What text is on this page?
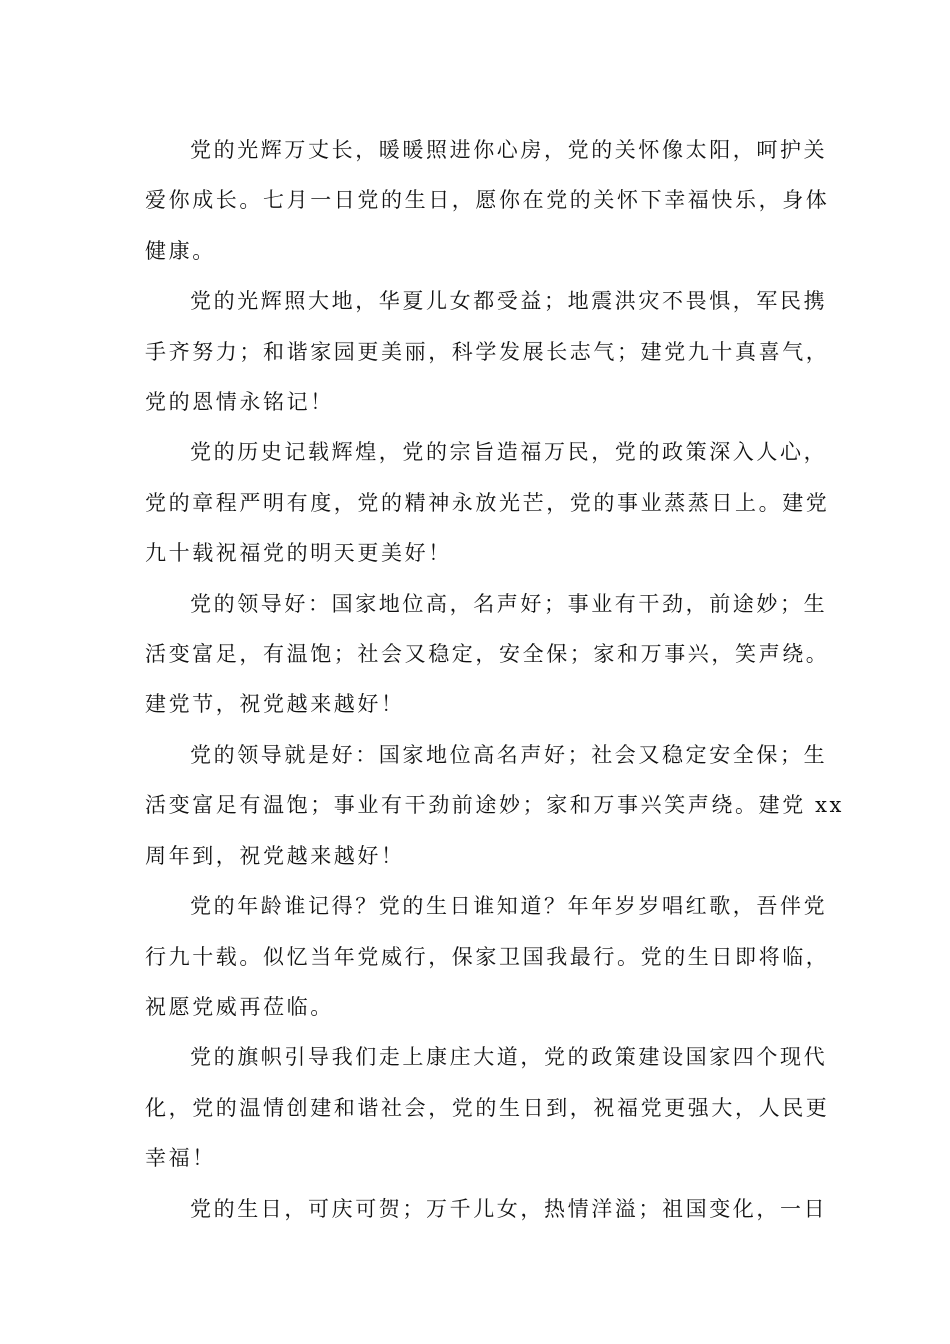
党的光辉万丈长，暖暖照进你心房，党的关怀像太阳，呵护关
爱你成长。七月一日党的生日，愿你在党的关怀下幸福快乐，身体
健康。

党的光辉照大地，华夏儿女都受益；地震洪灾不畏惧，军民携
手齐努力；和谐家园更美丽，科学发展长志气；建党九十真喜气，
党的恩情永铭记！

党的历史记载辉煌，党的宗旨造福万民，党的政策深入人心，
党的章程严明有度，党的精神永放光芒，党的事业蒸蒸日上。建党
九十载祝福党的明天更美好！

党的领导好：国家地位高，名声好；事业有干劲，前途妙；生
活变富足，有温饱；社会又稳定，安全保；家和万事兴，笑声绕。
建党节，祝党越来越好！

党的领导就是好：国家地位高名声好；社会又稳定安全保；生
活变富足有温饱；事业有干劲前途妙；家和万事兴笑声绕。建党 xx
周年到，祝党越来越好！

党的年龄谁记得？党的生日谁知道？年年岁岁唱红歌，吾伴党
行九十载。似忆当年党威行，保家卫国我最行。党的生日即将临，
祝愿党威再莅临。

党的旗帜引导我们走上康庄大道，党的政策建设国家四个现代
化，党的温情创建和谐社会，党的生日到，祝福党更强大，人民更
幸福！

党的生日，可庆可贺；万千儿女，热情洋溢；祖国变化，一日
